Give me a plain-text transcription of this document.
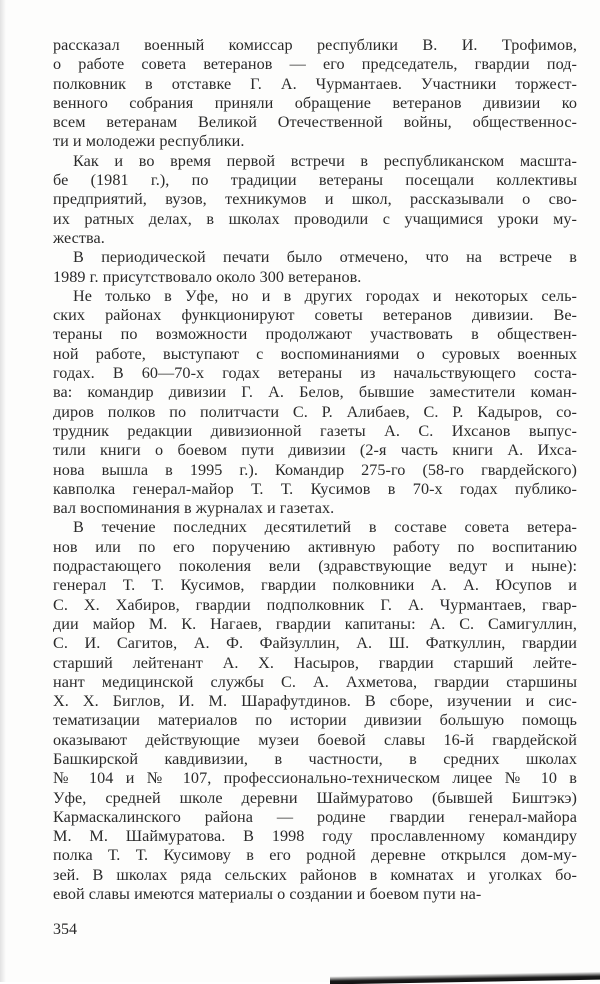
рассказал военный комиссар республики В. И. Трофимов,
о работе совета ветеранов — его председатель, гвардии под-
полковник в отставке Г. А. Чурмантаев. Участники торжест-
венного собрания приняли обращение ветеранов дивизии ко
всем ветеранам Великой Отечественной войны, общественнос-
ти и молодежи республики.
Как и во время первой встречи в республиканском масшта-
бе (1981 г.), по традиции ветераны посещали коллективы
предприятий, вузов, техникумов и школ, рассказывали о сво-
их ратных делах, в школах проводили с учащимися уроки му-
жества.
В периодической печати было отмечено, что на встрече в
1989 г. присутствовало около 300 ветеранов.
Не только в Уфе, но и в других городах и некоторых сель-
ских районах функционируют советы ветеранов дивизии. Ве-
тераны по возможности продолжают участвовать в обществен-
ной работе, выступают с воспоминаниями о суровых военных
годах. В 60—70-х годах ветераны из начальствующего соста-
ва: командир дивизии Г. А. Белов, бывшие заместители коман-
диров полков по политчасти С. Р. Алибаев, С. Р. Кадыров, со-
трудник редакции дивизионной газеты А. С. Ихсанов выпус-
тили книги о боевом пути дивизии (2-я часть книги А. Ихса-
нова вышла в 1995 г.). Командир 275-го (58-го гвардейского)
кавполка генерал-майор Т. Т. Кусимов в 70-х годах публико-
вал воспоминания в журналах и газетах.
В течение последних десятилетий в составе совета ветера-
нов или по его поручению активную работу по воспитанию
подрастающего поколения вели (здравствующие ведут и ныне):
генерал Т. Т. Кусимов, гвардии полковники А. А. Юсупов и
С. Х. Хабиров, гвардии подполковник Г. А. Чурмантаев, гвар-
дии майор М. К. Нагаев, гвардии капитаны: А. С. Самигуллин,
С. И. Сагитов, А. Ф. Файзуллин, А. Ш. Фаткуллин, гвардии
старший лейтенант А. Х. Насыров, гвардии старший лейте-
нант медицинской службы С. А. Ахметова, гвардии старшины
Х. Х. Биглов, И. М. Шарафутдинов. В сборе, изучении и сис-
тематизации материалов по истории дивизии большую помощь
оказывают действующие музеи боевой славы 16-й гвардейской
Башкирской кавдивизии, в частности, в средних школах
№ 104 и № 107, профессионально-техническом лицее № 10 в
Уфе, средней школе деревни Шаймуратово (бывшей Биштэкэ)
Кармаскалинского района — родине гвардии генерал-майора
М. М. Шаймуратова. В 1998 году прославленному командиру
полка Т. Т. Кусимову в его родной деревне открылся дом-му-
зей. В школах ряда сельских районов в комнатах и уголках бо-
евой славы имеются материалы о создании и боевом пути на-
354
